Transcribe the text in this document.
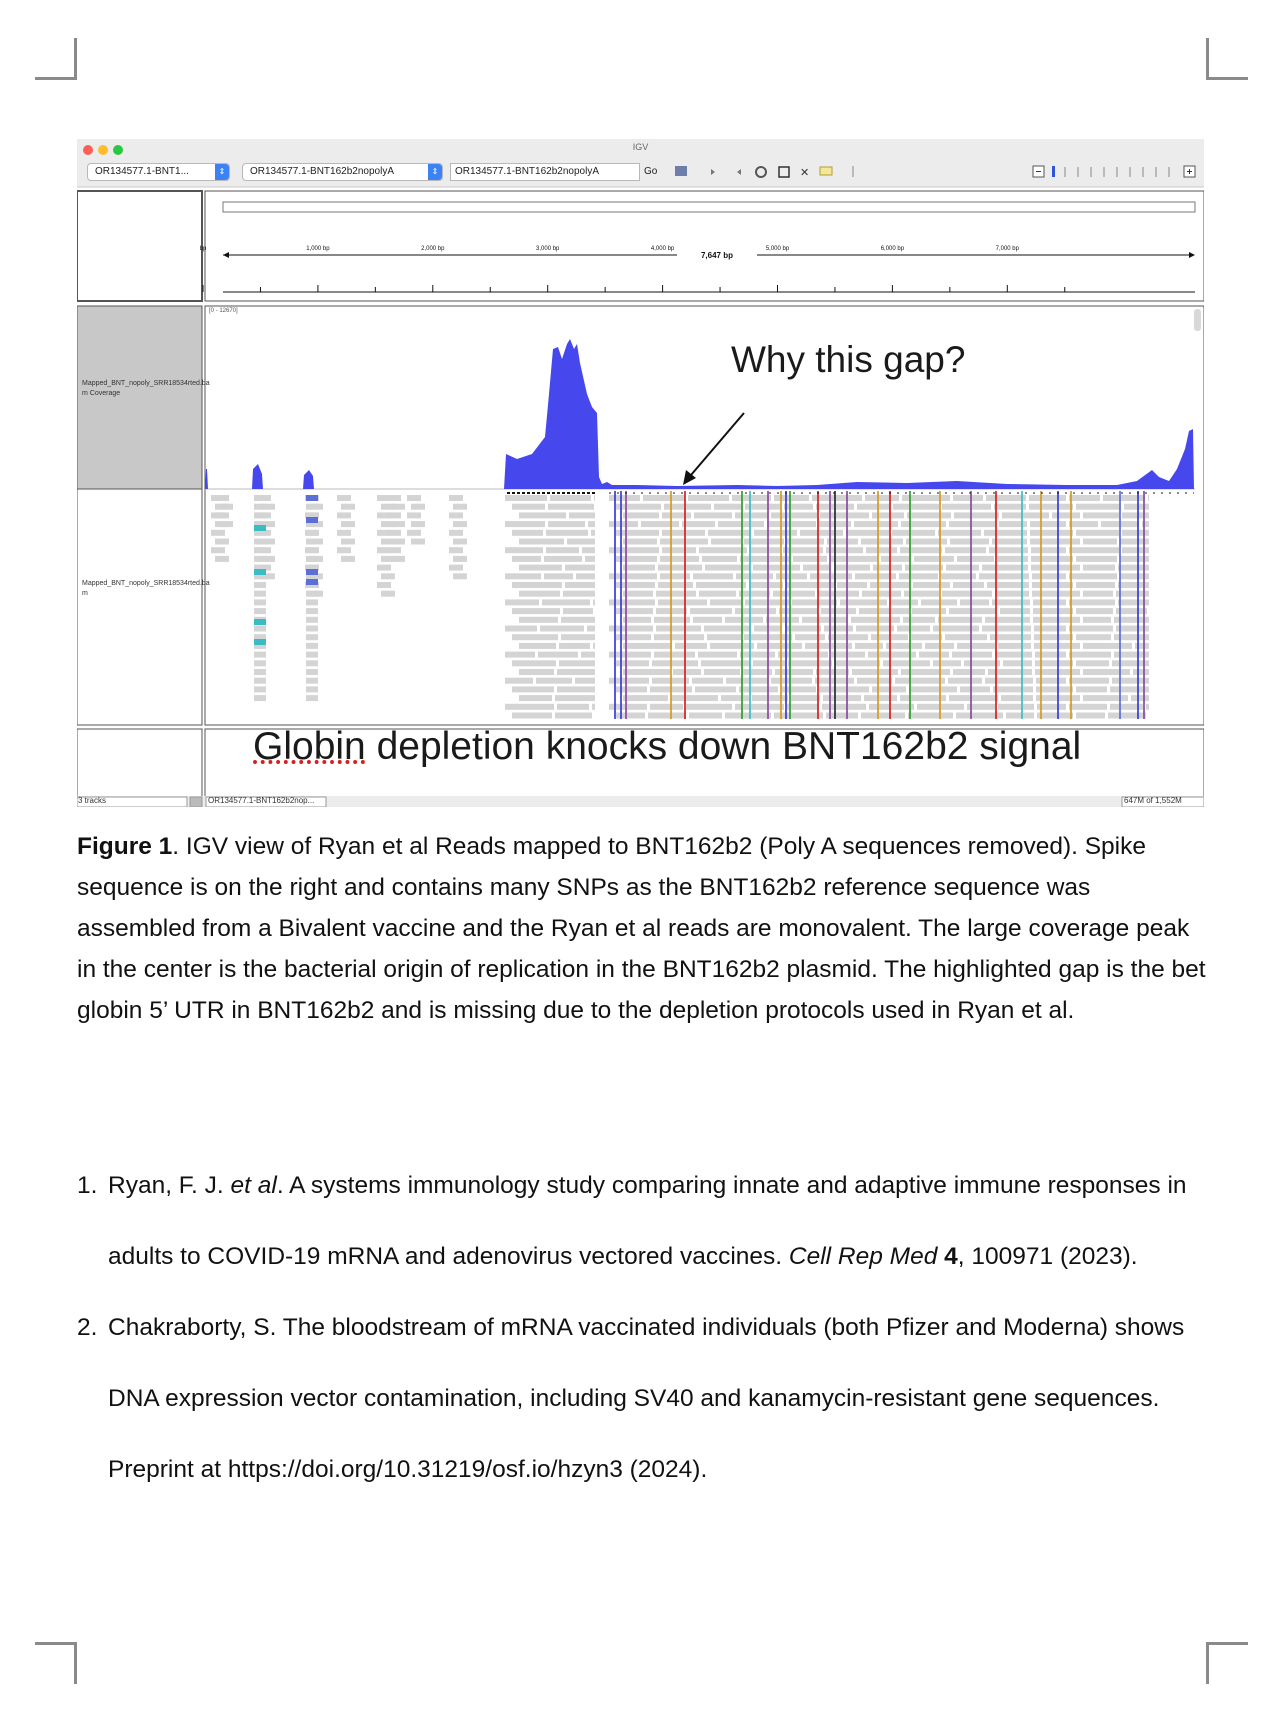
bp	1,000 bp	2,000 bp	3,000 bp	4,000 bp	5,000 bp	6,000 bp	7,000 bp
7,647 bp
✕
IGV
OR134577.1-BNT1...	⇕	OR134577.1-BNT162b2nopolyA	⇕	OR134577.1-BNT162b2nopolyA	Go
Mapped_BNT_nopoly_SRR18534rted.bam Coverage
Mapped_BNT_nopoly_SRR18534rted.bam
[0 - 12670]
Why this gap?
Globin depletion knocks down BNT162b2 signal
3 tracks	OR134577.1-BNT162b2nop...	647M of 1,552M
Figure 1. IGV view of Ryan et al Reads mapped to BNT162b2 (Poly A sequences removed). Spike sequence is on the right and contains many SNPs as the BNT162b2 reference sequence was assembled from a Bivalent vaccine and the Ryan et al reads are monovalent. The large coverage peak in the center is the bacterial origin of replication in the BNT162b2 plasmid. The highlighted gap is the bet globin 5’ UTR in BNT162b2 and is missing due to the depletion protocols used in Ryan et al.
1. Ryan, F. J. et al. A systems immunology study comparing innate and adaptive immune responses in adults to COVID-19 mRNA and adenovirus vectored vaccines. Cell Rep Med 4, 100971 (2023).
2. Chakraborty, S. The bloodstream of mRNA vaccinated individuals (both Pfizer and Moderna) shows DNA expression vector contamination, including SV40 and kanamycin-resistant gene sequences. Preprint at https://doi.org/10.31219/osf.io/hzyn3 (2024).
